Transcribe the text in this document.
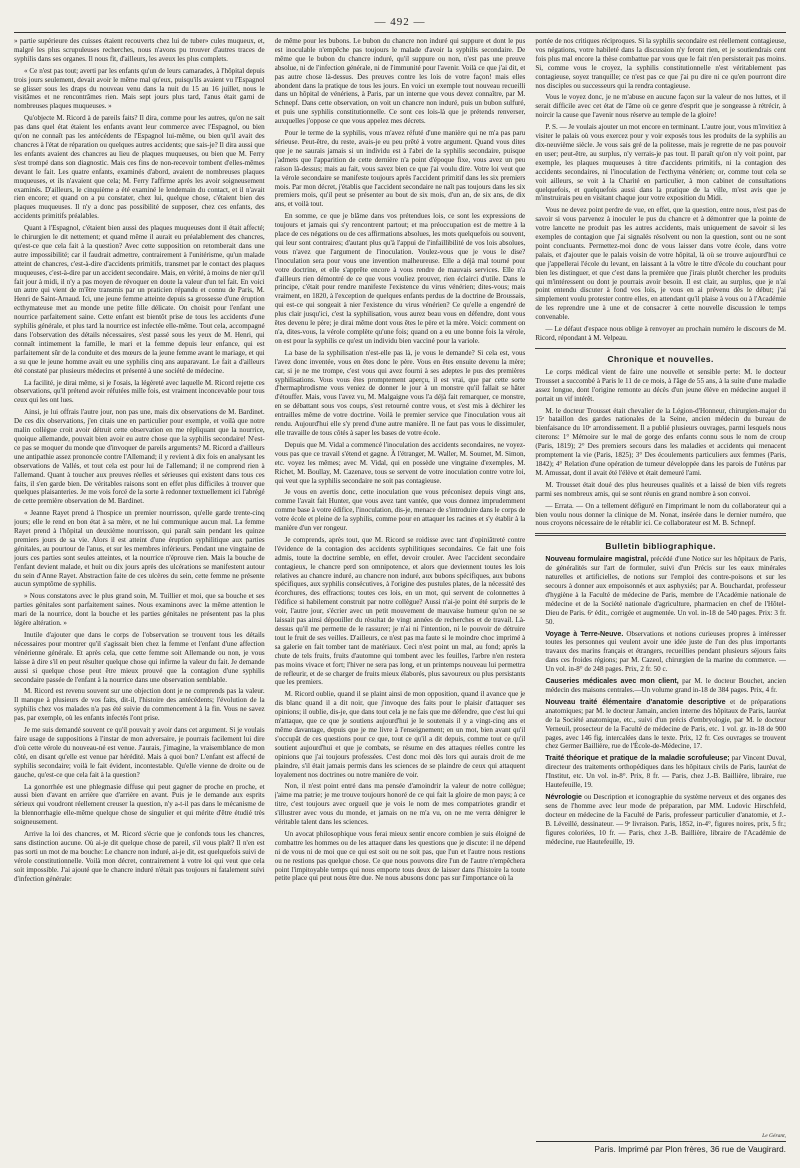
— 492 —

» partie supérieure des cuisses étaient recouverts chez lui de tuber» cules muqueux, et, malgré les plus scrupuleuses recherches, nous n'avons pu trouver d'autres traces de syphilis dans ses organes. Il nous fit, d'ailleurs, les aveux les plus complets.

« Ce n'est pas tout; averti par les enfants qu'un de leurs camarades, à l'hôpital depuis trois jours seulement, devait avoir le même mal qu'eux, puisqu'ils avaient vu l'Espagnol se glisser sous les draps du nouveau venu dans la nuit du 15 au 16 juillet, nous le visitâmes et ne rencontrâmes rien. Mais sept jours plus tard, l'anus était garni de nombreuses plaques muqueuses. »

Qu'objecte M. Ricord à de pareils faits? Il dira, comme pour les autres, qu'on ne sait pas dans quel état étaient les enfants avant leur commerce avec l'Espagnol, ou bien qu'on ne connaît pas les antécédents de l'Espagnol lui-même, ou bien qu'il avait des chancres à l'état de réparation ou quelques autres accidents; que sais-je? Il dira aussi que les enfants avaient des chancres au lieu de plaques muqueuses, ou bien que M. Ferry s'est trompé dans son diagnostic. Mais ces fins de non-recevoir tombent d'elles-mêmes devant le fait. Les quatre enfants, examinés d'abord, avaient de nombreuses plaques muqueuses, et ils n'avaient que cela; M. Ferry l'affirme après les avoir soigneusement examinés. D'ailleurs, le cinquième a été examiné le lendemain du contact, et il n'avait rien encore; et quand on a pu constater, chez lui, quelque chose, c'étaient bien des plaques muqueuses. Il n'y a donc pas possibilité de supposer, chez ces enfants, des accidents primitifs préalables.

Quant à l'Espagnol, c'étaient bien aussi des plaques muqueuses dont il était affecté; le chirurgien le dit nettement; et quand même il aurait eu préalablement des chancres, qu'est-ce que cela fait à la question? Avec cette supposition on retomberait dans une autre impossibilité; car il faudrait admettre, contrairement à l'unitérisme, qu'un malade atteint de chancres, c'est-à-dire d'accidents primitifs, transmet par le contact des plaques muqueuses, c'est-à-dire par un accident secondaire. Mais, en vérité, à moins de nier qu'il fait jour à midi, il n'y a pas moyen de révoquer en doute la valeur d'un tel fait. En voici un autre qui vient de m'être transmis par un praticien répandu et connu de Paris, M. Henri de Saint-Arnaud. Ici, une jeune femme atteinte depuis sa grossesse d'une éruption ecthymateuse met au monde une petite fille délicate. On choisit pour l'enfant une nourrice parfaitement saine. Cette enfant est bientôt prise de tous les accidents d'une syphilis générale, et plus tard la nourrice est infectée elle-même. Tout cela, accompagné dans l'observation des détails nécessaires, s'est passé sous les yeux de M. Henri, qui connaît intimement la famille, le mari et la femme depuis leur enfance, qui est parfaitement sûr de la conduite et des mœurs de la jeune femme avant le mariage, et qui a su que le jeune homme avait eu une syphilis cinq ans auparavant. Le fait a d'ailleurs été constaté par plusieurs médecins et présenté à une société de médecine.

La facilité, je dirai même, si je l'osais, la légèreté avec laquelle M. Ricord rejette ces observations, qu'il prétend avoir réfutées mille fois, est vraiment inconcevable pour tous ceux qui les ont lues.

Ainsi, je lui offrais l'autre jour, non pas une, mais dix observations de M. Bardinet. De ces dix observations, j'en citais une en particulier pour exemple, et voilà que notre malin collègue croit avoir détruit cette observation en me répliquant que la nourrice, quoique allemande, pouvait bien avoir eu autre chose que la syphilis secondaire! N'est-ce pas se moquer du monde que d'invoquer de pareils arguments? M. Ricord a d'ailleurs une antipathie assez prononcée contre l'Allemand; il y revient à dix fois en analysant les observations de Vallés, et tout cela est pour lui de l'allemand; il ne comprend rien à l'allemand. Quant à toucher aux preuves réelles et sérieuses qui existent dans tous ces faits, il s'en garde bien. De véritables raisons sont en effet plus difficiles à trouver que quelques plaisanteries. Je me vois forcé de la sorte à redonner textuellement ici l'abrégé de cette première observation de M. Bardinet.

« Jeanne Rayet prend à l'hospice un premier nourrisson, qu'elle garde trente-cinq jours; elle le rend en bon état à sa mère, et ne lui communique aucun mal. La femme Rayet prend à l'hôpital un deuxième nourrisson, qui paraît sain pendant les quinze premiers jours de sa vie. Alors il est atteint d'une éruption syphilitique aux parties génitales, au pourtour de l'anus, et sur les membres inférieurs. Pendant une vingtaine de jours ces parties sont seules atteintes, et la nourrice n'éprouve rien. Mais la bouche de l'enfant devient malade, et huit ou dix jours après des ulcérations se manifestent autour du sein d'Anne Rayet. Abstraction faite de ces ulcères du sein, cette femme ne présente aucun symptôme de syphilis.

» Nous constatons avec le plus grand soin, M. Tuillier et moi, que sa bouche et ses parties génitales sont parfaitement saines. Nous examinons avec la même attention le mari de la nourrice, dont la bouche et les parties génitales ne présentent pas la plus légère altération. »

Inutile d'ajouter que dans le corps de l'observation se trouvent tous les détails nécessaires pour montrer qu'il s'agissait bien chez la femme et l'enfant d'une affection vénérienne générale. Et après cela, que cette femme soit Allemande ou non, je vous laisse à dire s'il en peut résulter quelque chose qui infirme la valeur du fait. Je demande aussi si quelque chose peut être mieux prouvé que la contagion d'une syphilis secondaire passée de l'enfant à la nourrice dans une observation semblable.

M. Ricord est revenu souvent sur une objection dont je ne comprends pas la valeur. Il manque à plusieurs de vos faits, dit-il, l'histoire des antécédents; l'évolution de la syphilis chez vos malades n'a pas été suivie du commencement à la fin. Vous ne savez pas, par exemple, où les enfants infectés l'ont prise.

Je me suis demandé souvent ce qu'il pouvait y avoir dans cet argument. Si je voulais faire usage de suppositions à l'instar de mon adversaire, je pourrais facilement lui dire d'où cette vérole du nouveau-né est venue. J'aurais, j'imagine, la vraisemblance de mon côté, en disant qu'elle est venue par hérédité. Mais à quoi bon? L'enfant est affecté de syphilis secondaire; voilà le fait évident, incontestable. Qu'elle vienne de droite ou de gauche, qu'est-ce que cela fait à la question?

La gonorrhée est une phlegmasie diffuse qui peut gagner de proche en proche, et aussi bien d'avant en arrière que d'arrière en avant. Puis je le demande aux esprits sérieux qui voudront réellement creuser la question, n'y a-t-il pas dans le mécanisme de la blennorrhagie elle-même quelque chose de singulier et qui mérite d'être étudié très soigneusement.

Arrive la loi des chancres, et M. Ricord s'écrie que je confonds tous les chancres, sans distinction aucune. Où ai-je dit quelque chose de pareil, s'il vous plaît? Il n'en est pas sorti un mot de ma bouche: Le chancre non induré, ai-je dit, est quelquefois suivi de vérole constitutionnelle. Voilà mon décret, contrairement à votre loi qui veut que cela soit impossible. J'ai ajouté que le chancre induré n'était pas toujours ni fatalement suivi d'infection générale:

de même pour les bubons. Le bubon du chancre non induré qui suppure et dont le pus est inoculable n'empêche pas toujours le malade d'avoir la syphilis secondaire. De même que le bubon du chancre induré, qu'il suppure ou non, n'est pas une preuve absolue, ni de l'infection générale, ni de l'immunité pour l'avenir. Voilà ce que j'ai dit, et pas autre chose là-dessus. Des preuves contre les lois de votre façon! mais elles abondent dans la pratique de tous les jours. En voici un exemple tout nouveau recueilli dans un hôpital de vénériens, à Paris, par un interne que vous devez connaître, par M. Schnepf. Dans cette observation, on voit un chancre non induré, puis un bubon sulfuré, et puis une syphilis constitutionnelle. Ce sont ces lois-là que je prétends renverser, auxquelles j'oppose ce que vous appelez mes décrets.

Pour le terme de la syphilis, vous m'avez réfuté d'une manière qui ne m'a pas paru sérieuse. Peut-être, du reste, avais-je eu peu prêté à votre argument. Quand vous dites que je ne saurais jamais si un individu est à l'abri de la syphilis secondaire, puisque j'admets que l'apparition de cette dernière n'a point d'époque fixe, vous avez un peu raison là-dessus; mais au fait, vous savez bien ce que j'ai voulu dire. Votre loi veut que la vérole secondaire se manifeste toujours après l'accident primitif dans les six premiers mois. Par mon décret, j'établis que l'accident secondaire ne naît pas toujours dans les six premiers mois, qu'il peut se présenter au bout de six mois, d'un an, de six ans, de dix ans, et voilà tout.

En somme, ce que je blâme dans vos prétendues lois, ce sont les expressions de toujours et jamais qui s'y rencontrent partout; et ma préoccupation est de mettre à la place de ces négations ou de ces affirmations absolues, les mots quelquefois ou souvent, qui leur sont contraires; d'autant plus qu'à l'appui de l'infaillibilité de vos lois absolues, vous n'avez que l'argument de l'inoculation. Voulez-vous que je vous le dise? l'inoculation sera pour vous une invention malheureuse. Elle a déjà mal tourné pour votre doctrine, et elle s'apprête encore à vous rendre de mauvais services. Elle n'a d'ailleurs rien démontré de ce que vous vouliez prouver, rien éclairci d'utile. Dans le principe, c'était pour rendre manifeste l'existence du virus vénérien; dites-vous; mais vraiment, en 1820, à l'exception de quelques enfants perdus de la doctrine de Broussais, qui est-ce qui songeait à nier l'existence du virus vénérien? Ce qu'elle a engendré de plus clair jusqu'ici, c'est la syphilisation, vous aurez beau vous en défendre, dont vous êtes devenu le père; je dirai même dont vous êtes le père et la mère. Voici: comment on n'a, dites-vous, la vérole complète qu'une fois; quand on a eu une bonne fois la vérole, on est pour la syphilis ce qu'est un individu bien vacciné pour la variole.

La base de la syphilisation n'est-elle pas là, je vous le demande? Si cela est, vous l'avez donc inventée, vous en êtes donc le père. Vous en êtes ensuite devenu la mère; car, si je ne me trompe, c'est vous qui avez fourni à ses adeptes le pus des premières syphilisations. Vous vous êtes promptement aperçu, il est vrai, que par cette sorte d'hermaphrodisme vous veniez de donner le jour à un monstre qu'il fallait se hâter d'étouffer. Mais, vous l'avez vu, M. Malgaigne vous l'a déjà fait remarquer, ce monstre, en se débattant sous vos coups, s'est retourné contre vous, et s'est mis à déchirer les entrailles même de votre doctrine. Voilà le premier service que l'inoculation vous ait rendu. Aujourd'hui elle s'y prend d'une autre manière. Il ne faut pas vous le dissimuler, elle travaille de tous côtés à saper les bases de votre école.

Depuis que M. Vidal a commencé l'inoculation des accidents secondaires, ne voyez-vous pas que ce travail s'étend et gagne. À l'étranger, M. Waller, M. Soumet, M. Simon, etc. voyez les mêmes; avec M. Vidal, qui en possède une vingtaine d'exemples, M. Richet, M. Boullay, M. Cazenave, tous se servent de votre inoculation contre votre loi, qui veut que la syphilis secondaire ne soit pas contagieuse.

Je vous en avertis donc, cette inoculation que vous préconisez depuis vingt ans, comme l'avait fait Hunter, que vous avez tant vantée, que vous donnez imprudemment comme base à votre édifice, l'inoculation, dis-je, menace de s'introduire dans le corps de votre école et pleine de la syphilis, comme pour en attaquer les racines et s'y établir à la manière d'un ver rongeur.

Je comprends, après tout, que M. Ricord se roidisse avec tant d'opiniâtreté contre l'évidence de la contagion des accidents syphilitiques secondaires. Ce fait une fois admis, toute la doctrine semble, en effet, devoir crouler. Avec l'accident secondaire contagieux, le chancre perd son omnipotence, et alors que deviennent toutes les lois relatives au chancre induré, au chancre non induré, aux bubons spécifiques, aux bubons spécifiques, aux syphilis consécutives, à l'origine des pustules plates, de la nécessité des écorchures, des effractions; toutes ces lois, en un mot, qui servent de colonnettes à l'édifice si habilement construit par notre collègue? Aussi n'ai-je point été surpris de le voir, l'autre jour, s'écrier avec un petit mouvement de mauvaise humeur qu'on ne se laissait pas ainsi dépouiller du résultat de vingt années de recherches et de travail. Là-dessus qu'il me permette de le rassurer; je n'ai ni l'intention, ni le pouvoir de détruire tout le fruit de ses veilles. D'ailleurs, ce n'est pas ma faute si le moindre choc imprimé à sa galerie en fait tomber tant de matériaux. Ceci n'est point un mal, au fond; après la chute de tels fruits, fruits d'automne qui tombent avec les feuilles, l'arbre n'en restera pas moins vivace et fort; l'hiver ne sera pas long, et un printemps nouveau lui permettra de refleurir, et de se charger de fruits mieux élaborés, plus savoureux ou plus persistants que les premiers.

M. Ricord oublie, quand il se plaint ainsi de mon opposition, quand il avance que je dis blanc quand il a dit noir, que j'invoque des faits pour le plaisir d'attaquer ses opinions; il oublie, dis-je, que dans tout cela je ne fais que me défendre, que c'est lui qui m'attaque, que ce que je soutiens aujourd'hui je le soutenais il y a vingt-cinq ans et même davantage, depuis que je me livre à l'enseignement; en un mot, bien avant qu'il s'occupât de ces questions pour ce que, tout ce qu'il a dit depuis, comme tout ce qu'il soutient aujourd'hui et que je combats, se résume en des attaques réelles contre les opinions que j'ai toujours professées. C'est donc moi dès lors qui aurais droit de me plaindre, s'il était jamais permis dans les sciences de se plaindre de ceux qui attaquent loyalement nos doctrines ou notre manière de voir.

Non, il n'est point entré dans ma pensée d'amoindrir la valeur de notre collègue; j'aime ma patrie; je me trouve toujours honoré de ce qui fait la gloire de mon pays; à ce titre, c'est toujours avec orgueil que je vois le nom de mes compatriotes grandir et s'illustrer avec vous du monde, et jamais on ne m'a vu, on ne me verra dénigrer le véritable talent dans les sciences.

Un avocat philosophique vous ferai mieux sentir encore combien je suis éloigné de combattre les hommes ou de les attaquer dans les questions que je discute: il ne dépend ni de vous ni de moi que ce qui est soit ou ne soit pas, que l'un et l'autre nous restions ou ne restions pas quelque chose. Ce que nous pouvons dire l'un de l'autre n'empêchera point l'impitoyable temps qui nous emporte tous deux de laisser dans l'histoire la toute petite place qui peut nous être due. Ne nous abusons donc pas sur l'importance où la

portée de nos critiques réciproques. Si la syphilis secondaire est réellement contagieuse, vos négations, votre habileté dans la discussion n'y feront rien, et je soutiendrais cent fois plus mal encore la thèse combattue par vous que le fait n'en persisterait pas moins. Si, comme vous le croyez, la syphilis constitutionnelle n'est véritablement pas contagieuse, soyez tranquille; ce n'est pas ce que j'ai pu dire ni ce qu'en pourront dire nos disciples ou successeurs qui la rendra contagieuse.

Vous le voyez donc, je ne m'abuse en aucune façon sur la valeur de nos luttes, et il serait difficile avec cet état de l'âme où ce genre d'esprit que je songeasse à rétrécir, à noircir la cause que l'avenir nous réserve au temple de la gloire!

P. S. — Je voulais ajouter un mot encore en terminant. L'autre jour, vous m'invitiez à visiter le palais où vous exercez pour y voir exposés tous les produits de la syphilis au dix-neuvième siècle. Je vous sais gré de la politesse, mais je regrette de ne pas pouvoir en user; peut-être, au surplus, n'y verrais-je pas tout. Il paraît qu'on n'y voit point, par exemple, les plaques muqueuses à titre d'accidents primitifs, ni la contagion des accidents secondaires, ni l'inoculation de l'ecthyma vénérien; or, comme tout cela se voit ailleurs, se voit à la Charité en particulier, à mon cabinet de consultations quelquefois, et quelquefois aussi dans la pratique de la ville, m'est avis que je m'instruirais peu en visitant chaque jour votre exposition du Midi.

Vous ne devez point perdre de vue, en effet, que la question, entre nous, n'est pas de savoir si vous parvenez à inoculer le pus du chancre et à démontrer que la pointe de votre lancette ne produit pas les autres accidents, mais uniquement de savoir si les exemples de contagion que j'ai signalés résolvent ou non la question, sont ou ne sont point concluants. Permettez-moi donc de vous laisser dans votre école, dans votre palais, et d'ajouter que le palais voisin de votre hôpital, là où se trouve aujourd'hui ce que j'appellerai l'école du levant, en laissant à la vôtre le titre d'école du couchant pour bien les distinguer, et que c'est dans la première que j'irais plutôt chercher les produits qui m'intéressent ou dont je pourrais avoir besoin. Il est clair, au surplus, que je n'ai point entendu discuter à fond vos lois, je vous en ai prévenu dès le début; j'ai simplement voulu protester contre elles, en attendant qu'il plaise à vous ou à l'Académie de les reprendre une à une et de consacrer à cette nouvelle discussion le temps convenable.

— Le défaut d'espace nous oblige à renvoyer au prochain numéro le discours de M. Ricord, répondant à M. Velpeau.

Chronique et nouvelles.

Le corps médical vient de faire une nouvelle et sensible perte: M. le docteur Trousset a succombé à Paris le 11 de ce mois, à l'âge de 55 ans, à la suite d'une maladie assez longue, dont l'origine remonte au décès d'un jeune élève en médecine auquel il portait un vif intérêt.

M. le docteur Trousset était chevalier de la Légion-d'Honneur, chirurgien-major du 15ᵉ bataillon des gardes nationales de la Seine, ancien médecin du bureau de bienfaisance du 10ᵉ arrondissement. Il a publié plusieurs ouvrages, parmi lesquels nous citerons: 1° Mémoire sur le mal de gorge des enfants connu sous le nom de croup (Paris, 1819); 2° Des premiers secours dans les maladies et accidents qui menacent promptement la vie (Paris, 1825); 3° Des écoulements particuliers aux femmes (Paris, 1842); 4° Relation d'une opération de tumeur développée dans les parois de l'utérus par M. Amussat, dont il avait été l'élève et était demeuré l'ami.

M. Trousset était doué des plus heureuses qualités et a laissé de bien vifs regrets parmi ses nombreux amis, qui se sont réunis en grand nombre à son convoi.

— Errata. — On a tellement défiguré en l'imprimant le nom du collaborateur qui a bien voulu nous donner la clinique de M. Nonat, insérée dans le dernier numéro, que nous croyons nécessaire de le rétablir ici. Ce collaborateur est M. B. Schnepf.

Bulletin bibliographique.

Nouveau formulaire magistral, précédé d'une Notice sur les hôpitaux de Paris, de généralités sur l'art de formuler, suivi d'un Précis sur les eaux minérales naturelles et artificielles, de notions sur l'emploi des contre-poisons et sur les secours à donner aux empoisonnés et aux asphyxiés; par A. Bouchardat, professeur d'hygiène à la Faculté de médecine de Paris, membre de l'Académie nationale de médecine et de la Société nationale d'agriculture, pharmacien en chef de l'Hôtel-Dieu de Paris. 6ᵉ édit., corrigée et augmentée. Un vol. in-18 de 540 pages. Prix: 3 fr. 50.

Voyage à Terre-Neuve. Observations et notions curieuses propres à intéresser toutes les personnes qui veulent avoir une idée juste de l'un des plus importants travaux des marins français et étrangers, recueillies pendant plusieurs séjours faits dans ces froides régions; par M. Cazeol, chirurgien de la marine du commerce. — Un vol. in-8° de 248 pages. Prix, 2 fr. 50 c.

Causeries médicales avec mon client, par M. le docteur Bouchet, ancien médecin des maisons centrales.—Un volume grand in-18 de 384 pages. Prix, 4 fr.

Nouveau traité élémentaire d'anatomie descriptive et de préparations anatomiques; par M. le docteur Jamain, ancien interne des hôpitaux de Paris, lauréat de la Société anatomique, etc., suivi d'un précis d'embryologie, par M. le docteur Verneuil, prosecteur de la Faculté de médecine de Paris, etc. 1 vol. gr. in-18 de 900 pages, avec 146 fig. intercalées dans le texte. Prix, 12 fr. Ces ouvrages se trouvent chez Germer Baillière, rue de l'École-de-Médecine, 17.

Traité théorique et pratique de la maladie scrofuleuse; par Vincent Duval, directeur des traitements orthopédiques dans les hôpitaux civils de Paris, lauréat de l'Institut, etc. Un vol. in-8°. Prix, 8 fr. — Paris, chez J.-B. Baillière, libraire, rue Hautefeuille, 19.

Névrologie ou Description et iconographie du système nerveux et des organes des sens de l'homme avec leur mode de préparation, par MM. Ludovic Hirschfeld, docteur en médecine de la Faculté de Paris, professeur particulier d'anatomie, et J.-B. Léveillé, dessinateur. — 9ᵉ livraison. Paris, 1852, in-4°, figures noires, prix, 5 fr.; figures coloriées, 10 fr. — Paris, chez J.-B. Baillière, libraire de l'Académie de médecine, rue Hautefeuille, 19.

Le Gérant,
Paris. Imprimé par Plon frères, 36 rue de Vaugirard.
